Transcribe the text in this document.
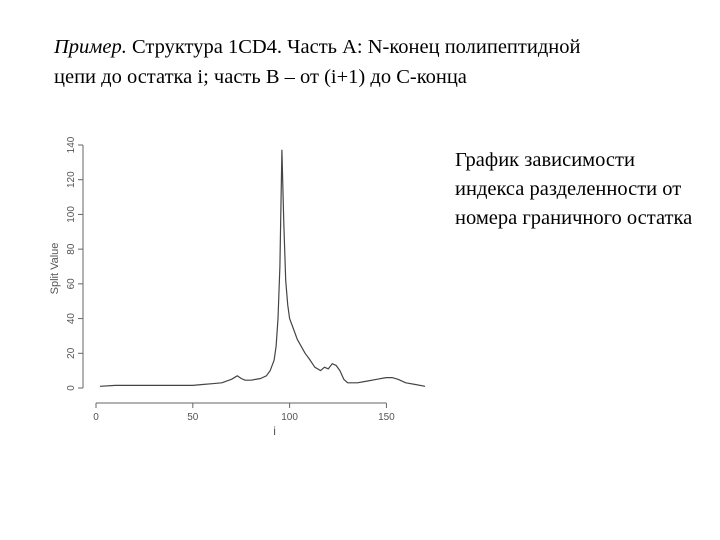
Пример. Структура 1CD4. Часть A: N-конец полипептидной
цепи до остатка i; часть B – от (i+1) до C-конца

График зависимости индекса разделенности от номера граничного остатка

0
20
40
60
80
100
120
140
0	50	100	150
Split Value
i
